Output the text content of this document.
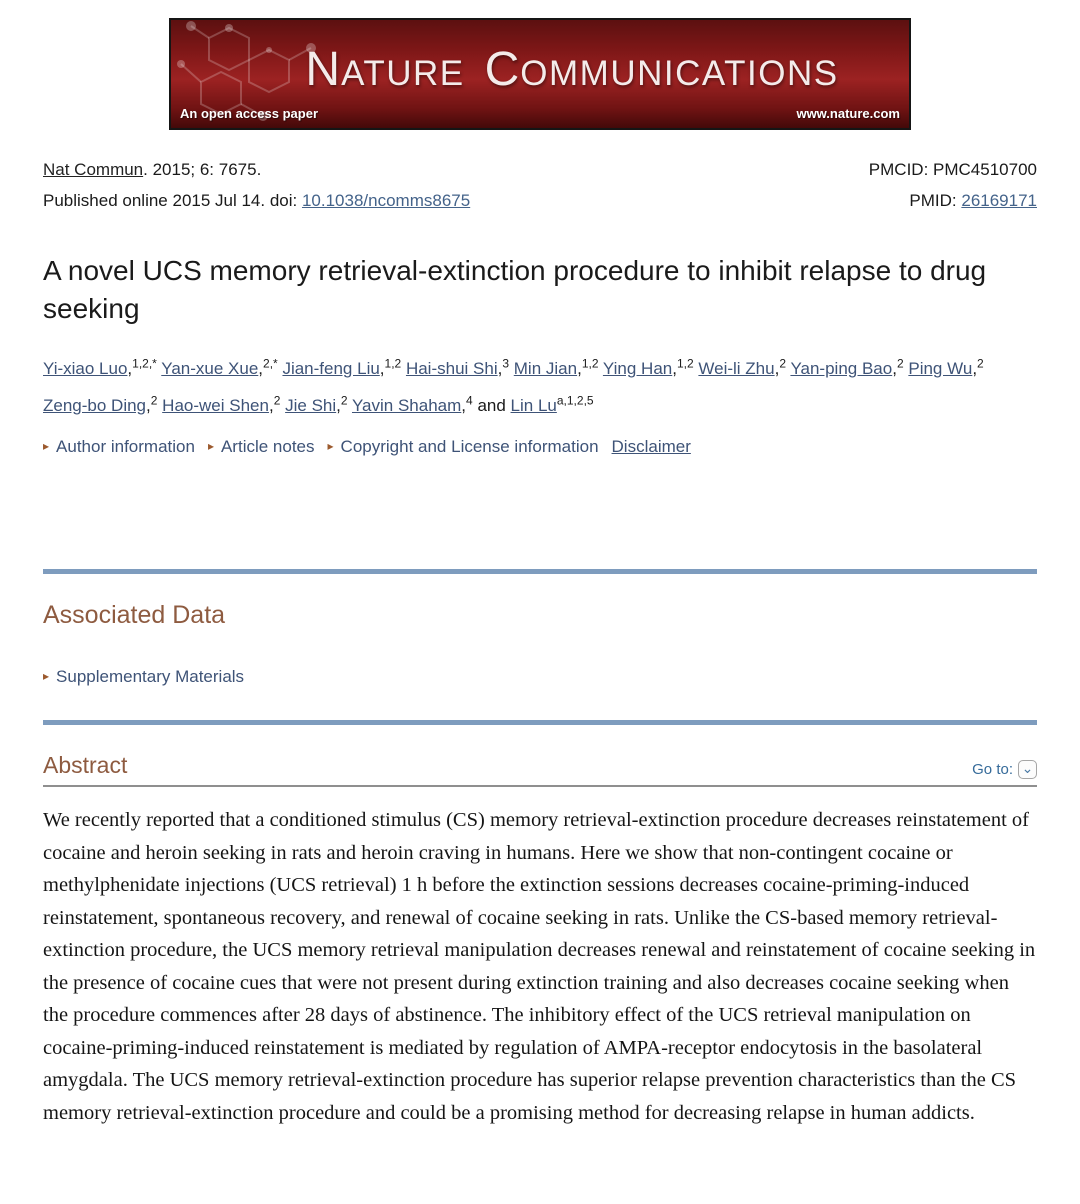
NATURE COMMUNICATIONS
An open access paper	www.nature.com
Nat Commun. 2015; 6: 7675.	PMCID: PMC4510700
Published online 2015 Jul 14. doi: 10.1038/ncomms8675	PMID: 26169171
A novel UCS memory retrieval-extinction procedure to inhibit relapse to drug seeking
Yi-xiao Luo,$^{1,2,*}$ Yan-xue Xue,$^{2,*}$ Jian-feng Liu,$^{1,2}$ Hai-shui Shi,$^3$ Min Jian,$^{1,2}$ Ying Han,$^{1,2}$ Wei-li Zhu,$^2$ Yan-ping Bao,$^2$ Ping Wu,$^2$ Zeng-bo Ding,$^2$ Hao-wei Shen,$^2$ Jie Shi,$^2$ Yavin Shaham,$^4$ and Lin Lu$^{a,1,2,5}$
▸ Author information ▸ Article notes ▸ Copyright and License information Disclaimer
Associated Data
▸ Supplementary Materials
Abstract	Go to: ⌄

We recently reported that a conditioned stimulus (CS) memory retrieval-extinction procedure decreases reinstatement of cocaine and heroin seeking in rats and heroin craving in humans. Here we show that non-contingent cocaine or methylphenidate injections (UCS retrieval) 1 h before the extinction sessions decreases cocaine-priming-induced reinstatement, spontaneous recovery, and renewal of cocaine seeking in rats. Unlike the CS-based memory retrieval-extinction procedure, the UCS memory retrieval manipulation decreases renewal and reinstatement of cocaine seeking in the presence of cocaine cues that were not present during extinction training and also decreases cocaine seeking when the procedure commences after 28 days of abstinence. The inhibitory effect of the UCS retrieval manipulation on cocaine-priming-induced reinstatement is mediated by regulation of AMPA-receptor endocytosis in the basolateral amygdala. The UCS memory retrieval-extinction procedure has superior relapse prevention characteristics than the CS memory retrieval-extinction procedure and could be a promising method for decreasing relapse in human addicts.
